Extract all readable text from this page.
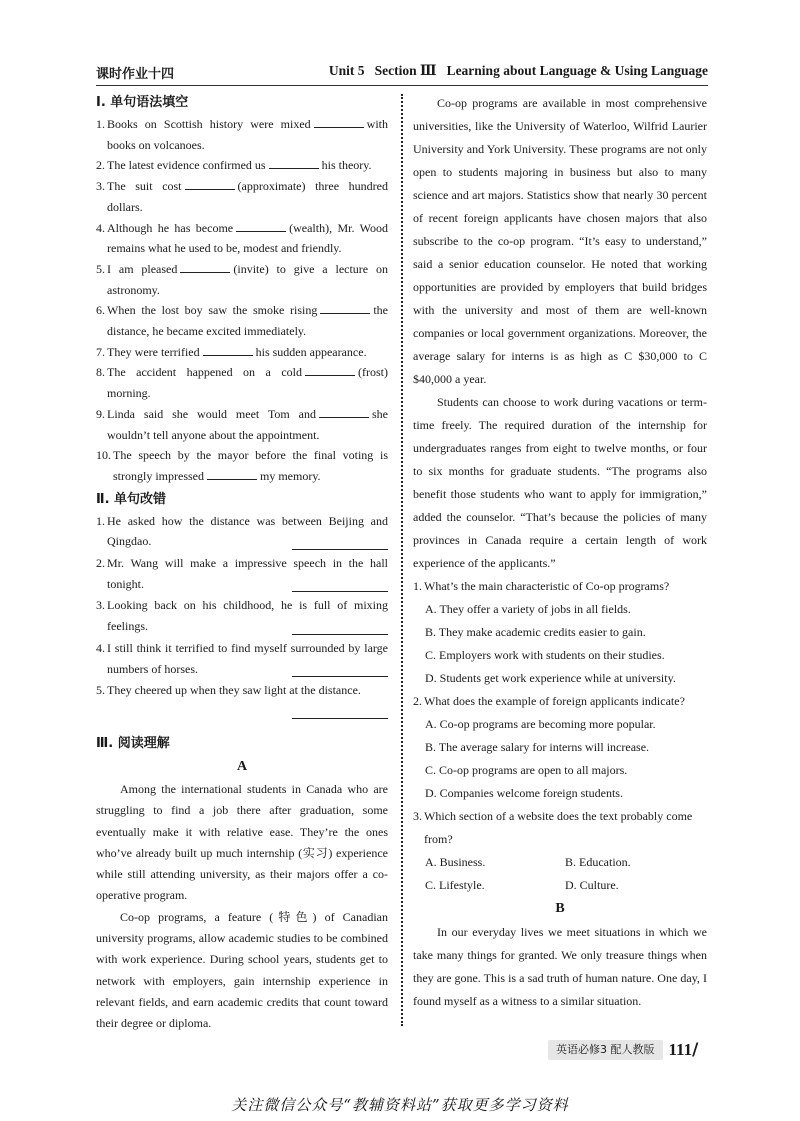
课时作业十四	Unit 5   Section Ⅲ   Learning about Language & Using Language
Ⅰ. 单句语法填空
1. Books on Scottish history were mixed	with books on volcanoes.
2. The latest evidence confirmed us	his theory.
3. The suit cost	(approximate) three hundred dollars.
4. Although he has become	(wealth), Mr. Wood remains what he used to be, modest and friendly.
5. I am pleased	(invite) to give a lecture on astronomy.
6. When the lost boy saw the smoke rising	the distance, he became excited immediately.
7. They were terrified	his sudden appearance.
8. The accident happened on a cold	(frost) morning.
9. Linda said she would meet Tom and	she wouldn’t tell anyone about the appointment.
10. The speech by the mayor before the final voting is strongly impressed	my memory.
Ⅱ. 单句改错
1. He asked how the distance was between Beijing and Qingdao.
2. Mr. Wang will make a impressive speech in the hall tonight.
3. Looking back on his childhood, he is full of mixing feelings.
4. I still think it terrified to find myself surrounded by large numbers of horses.
5. They cheered up when they saw light at the distance.
Ⅲ. 阅读理解
A

Among the international students in Canada who are struggling to find a job there after graduation, some eventually make it with relative ease. They’re the ones who’ve already built up much internship (实习) experience while still attending university, as their majors offer a co-operative program.

Co-op programs, a feature (特色) of Canadian university programs, allow academic studies to be combined with work experience. During school years, students get to network with employers, gain internship experience in relevant fields, and earn academic credits that count toward their degree or diploma.

Co-op programs are available in most comprehensive universities, like the University of Waterloo, Wilfrid Laurier University and York University. These programs are not only open to students majoring in business but also to many science and art majors. Statistics show that nearly 30 percent of recent foreign applicants have chosen majors that also subscribe to the co-op program. “It’s easy to understand,” said a senior education counselor. He noted that working opportunities are provided by employers that build bridges with the university and most of them are well-known companies or local government organizations. Moreover, the average salary for interns is as high as C $30,000 to C $40,000 a year.

Students can choose to work during vacations or term-time freely. The required duration of the internship for undergraduates ranges from eight to twelve months, or four to six months for graduate students. “The programs also benefit those students who want to apply for immigration,” added the counselor. “That’s because the policies of many provinces in Canada require a certain length of work experience of the applicants.”

1. What’s the main characteristic of Co-op programs?
A. They offer a variety of jobs in all fields.
B. They make academic credits easier to gain.
C. Employers work with students on their studies.
D. Students get work experience while at university.
2. What does the example of foreign applicants indicate?
A. Co-op programs are becoming more popular.
B. The average salary for interns will increase.
C. Co-op programs are open to all majors.
D. Companies welcome foreign students.
3. Which section of a website does the text probably come from?
A. Business.	B. Education.
C. Lifestyle.	D. Culture.
B

In our everyday lives we meet situations in which we take many things for granted. We only treasure things when they are gone. This is a sad truth of human nature. One day, I found myself as a witness to a similar situation.

英语必修3 配人教版 111/
关注微信公众号“教辅资料站”获取更多学习资料
